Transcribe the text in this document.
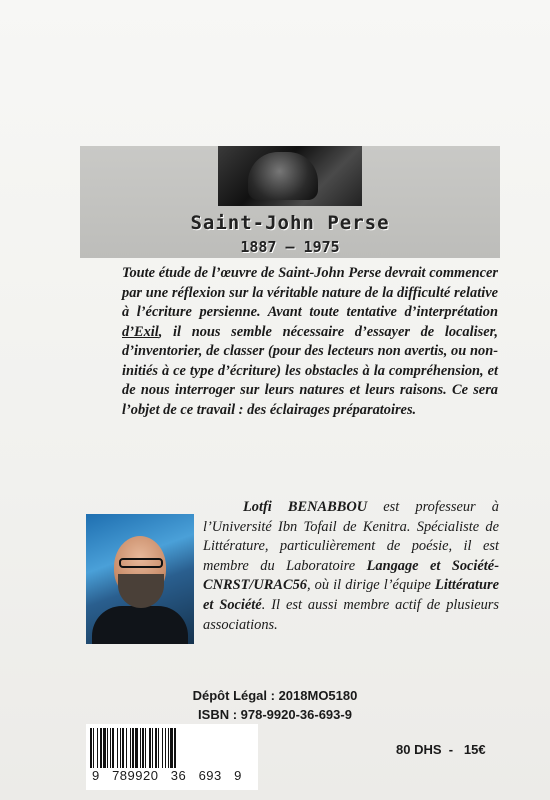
Saint-John Perse
1887 — 1975
Toute étude de l’œuvre de Saint-John Perse devrait commencer par une réflexion sur la véritable nature de la difficulté relative à l’écriture persienne. Avant toute tentative d’interprétation d’Exil, il nous semble nécessaire d’essayer de localiser, d’inventorier, de classer (pour des lecteurs non avertis, ou non-initiés à ce type d’écriture) les obstacles à la compréhension, et de nous interroger sur leurs natures et leurs raisons. Ce sera l’objet de ce travail : des éclairages préparatoires.
Lotfi BENABBOU est professeur à l’Université Ibn Tofail de Kenitra. Spécialiste de Littérature, particulièrement de poésie, il est membre du Laboratoire Langage et Société-CNRST/URAC56, où il dirige l’équipe Littérature et Société. Il est aussi membre actif de plusieurs associations.
Dépôt Légal : 2018MO5180
ISBN : 978-9920-36-693-9
9   789920   36   693   9
80 DHS  -   15€
